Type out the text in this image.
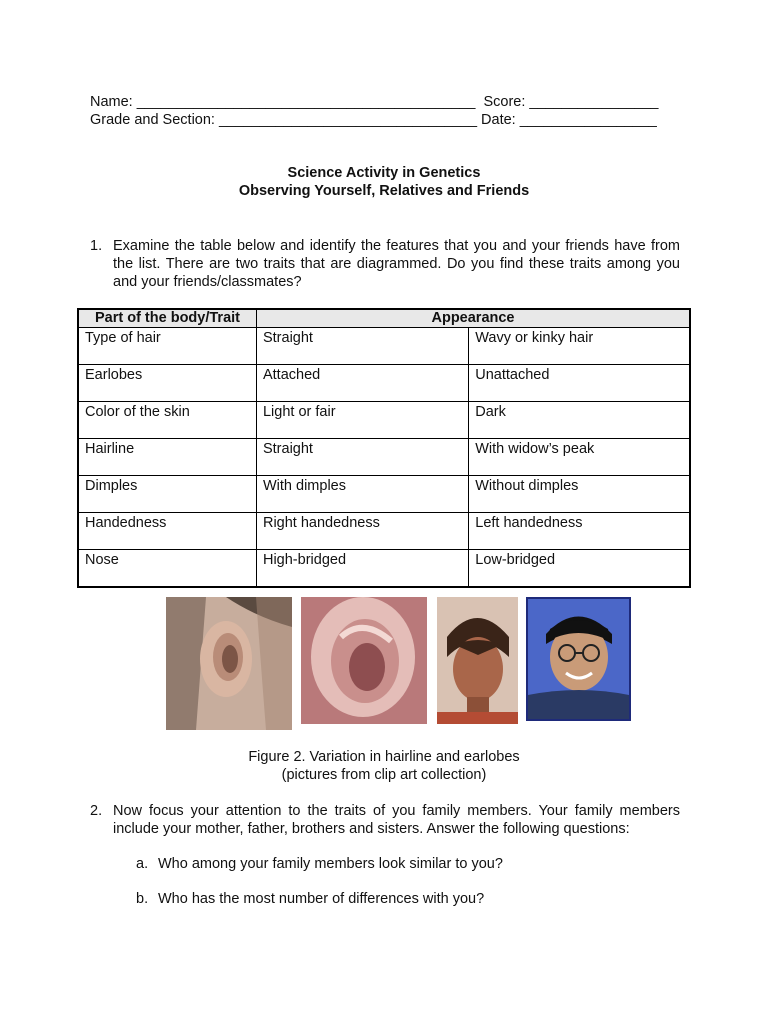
Name: __________________________________________  Score: ________________
Grade and Section: ________________________________ Date: _________________
Science Activity in Genetics
Observing Yourself, Relatives and Friends
1. Examine the table below and identify the features that you and your friends have from the list. There are two traits that are diagrammed. Do you find these traits among you and your friends/classmates?
Part of the body/Trait	Appearance	
Type of hair	Straight	Wavy or kinky hair
Earlobes	Attached	Unattached
Color of the skin	Light or fair	Dark
Hairline	Straight	With widow’s peak
Dimples	With dimples	Without dimples
Handedness	Right handedness	Left handedness
Nose	High-bridged	Low-bridged
Figure 2. Variation in hairline and earlobes
(pictures from clip art collection)
2. Now focus your attention to the traits of you family members. Your family members include your mother, father, brothers and sisters. Answer the following questions:
a. Who among your family members look similar to you?
b. Who has the most number of differences with you?
